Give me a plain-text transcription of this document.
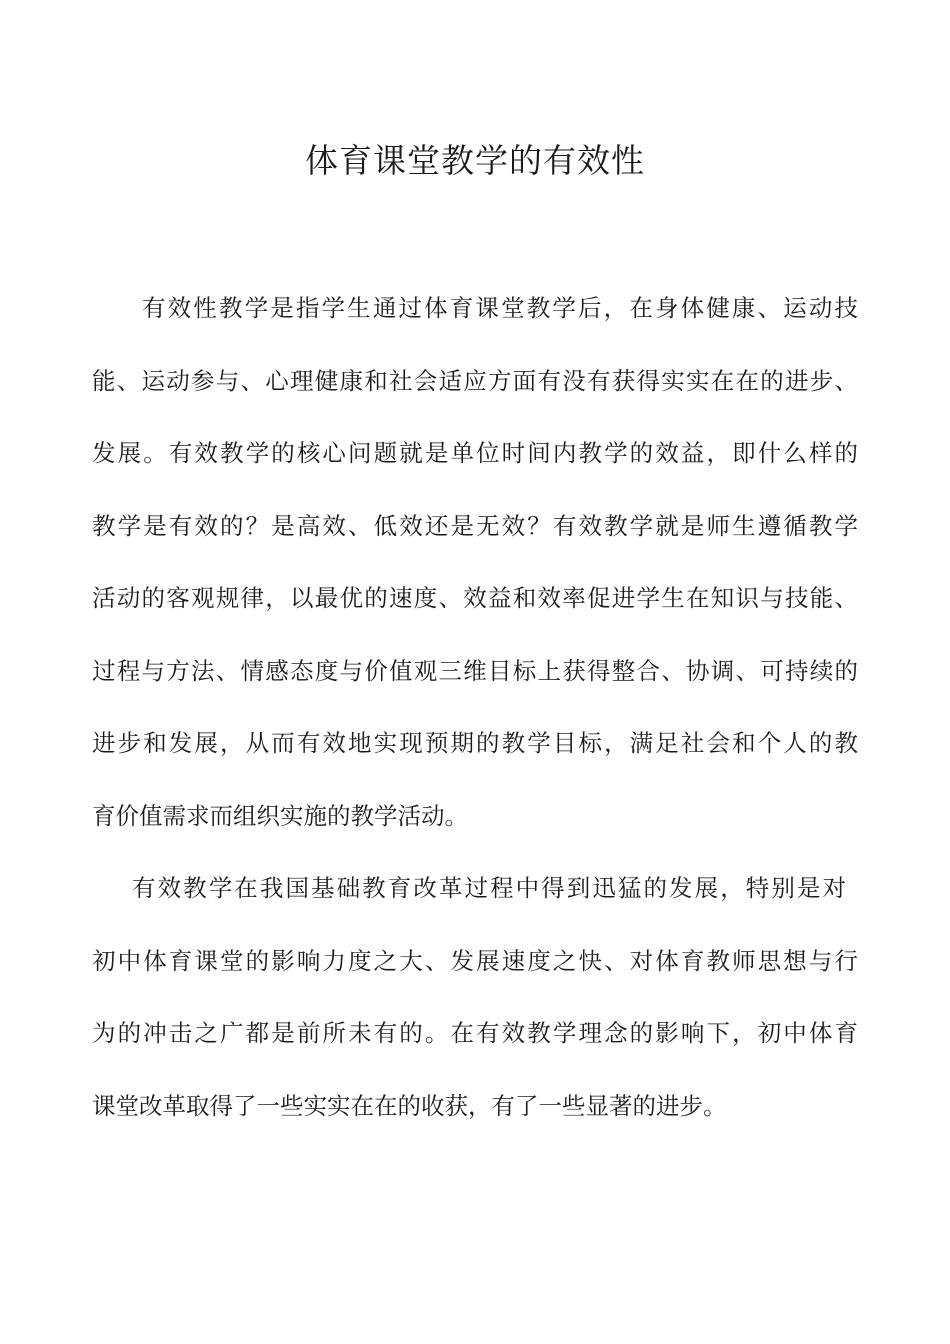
体育课堂教学的有效性
有效性教学是指学生通过体育课堂教学后，在身体健康、运动技
能、运动参与、心理健康和社会适应方面有没有获得实实在在的进步、
发展。有效教学的核心问题就是单位时间内教学的效益，即什么样的
教学是有效的？是高效、低效还是无效？有效教学就是师生遵循教学
活动的客观规律，以最优的速度、效益和效率促进学生在知识与技能、
过程与方法、情感态度与价值观三维目标上获得整合、协调、可持续的
进步和发展，从而有效地实现预期的教学目标，满足社会和个人的教
育价值需求而组织实施的教学活动。
有效教学在我国基础教育改革过程中得到迅猛的发展，特别是对
初中体育课堂的影响力度之大、发展速度之快、对体育教师思想与行
为的冲击之广都是前所未有的。在有效教学理念的影响下，初中体育
课堂改革取得了一些实实在在的收获，有了一些显著的进步。
